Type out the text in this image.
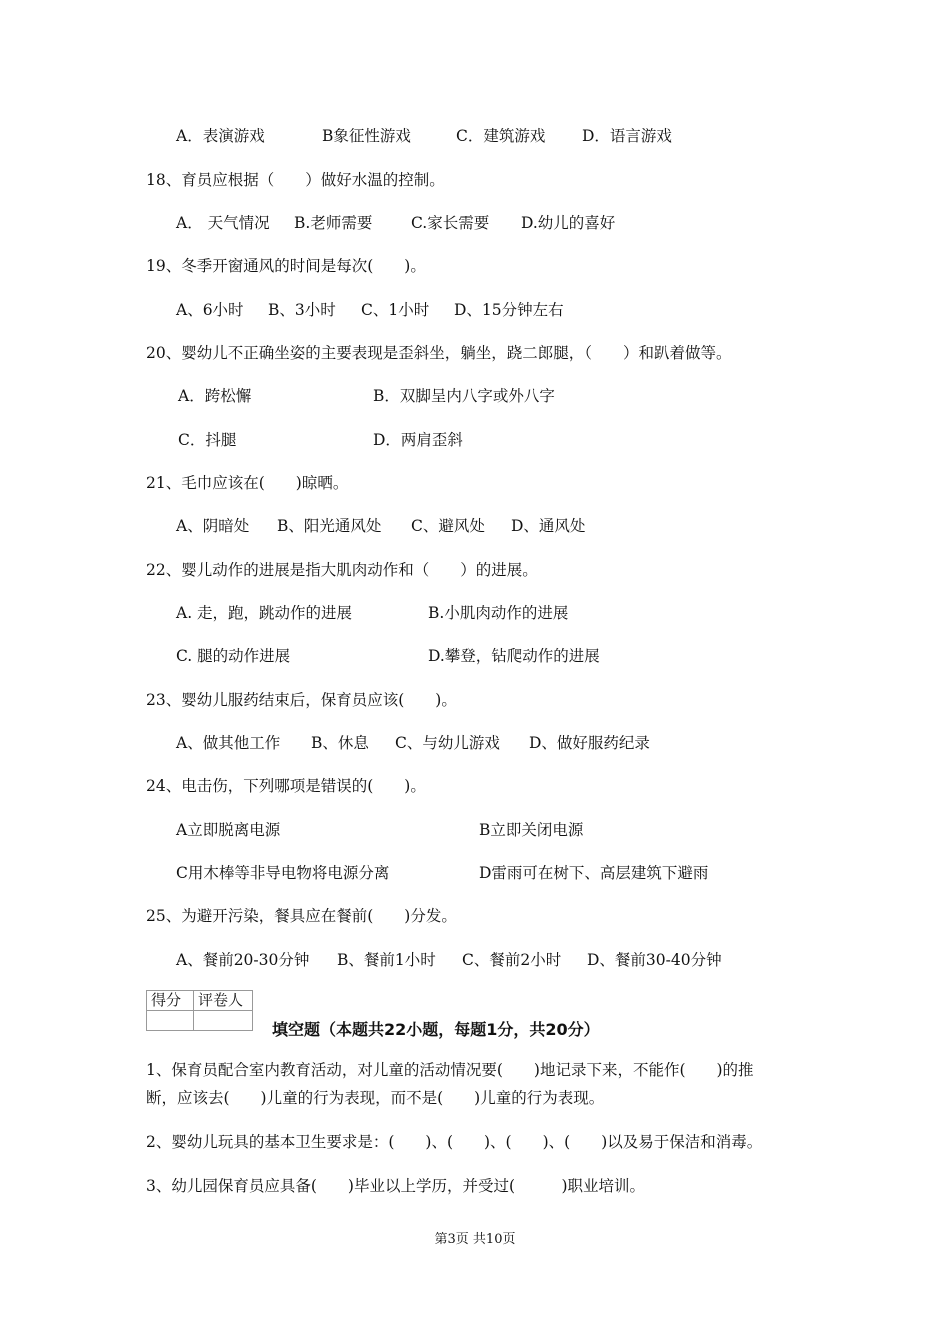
A．表演游戏	B象征性游戏	C．建筑游戏 D．语言游戏
18、育员应根据（　　）做好水温的控制。
A． 天气情况 B.老师需要 C.家长需要 D.幼儿的喜好
19、冬季开窗通风的时间是每次(　　)。
A、6小时 B、3小时 C、1小时 D、15分钟左右
20、婴幼儿不正确坐姿的主要表现是歪斜坐，躺坐，跷二郎腿，（　　）和趴着做等。
A．跨松懈	B．双脚呈内八字或外八字
C．抖腿	D．两肩歪斜
21、毛巾应该在(　　)晾晒。
A、阴暗处 B、阳光通风处 C、避风处 D、通风处
22、婴儿动作的进展是指大肌肉动作和（　　）的进展。
A. 走，跑，跳动作的进展	B.小肌肉动作的进展
C. 腿的动作进展	D.攀登，钻爬动作的进展
23、婴幼儿服药结束后，保育员应该(　　)。
A、做其他工作 B、休息 C、与幼儿游戏 D、做好服药纪录
24、电击伤，下列哪项是错误的(　　)。
A立即脱离电源	B立即关闭电源
C用木棒等非导电物将电源分离	D雷雨可在树下、高层建筑下避雨
25、为避开污染，餐具应在餐前(　　)分发。
A、餐前20-30分钟 B、餐前1小时 C、餐前2小时 D、餐前30-40分钟
得分	评卷人

填空题（本题共22小题，每题1分，共20分）
1、保育员配合室内教育活动，对儿童的活动情况要(　　)地记录下来，不能作(　　)的推
断，应该去(　　)儿童的行为表现，而不是(　　)儿童的行为表现。
2、婴幼儿玩具的基本卫生要求是：(　　)、(　　)、(　　)、(　　)以及易于保洁和消毒。
3、幼儿园保育员应具备(　　)毕业以上学历，并受过(　　　)职业培训。
第3页 共10页
